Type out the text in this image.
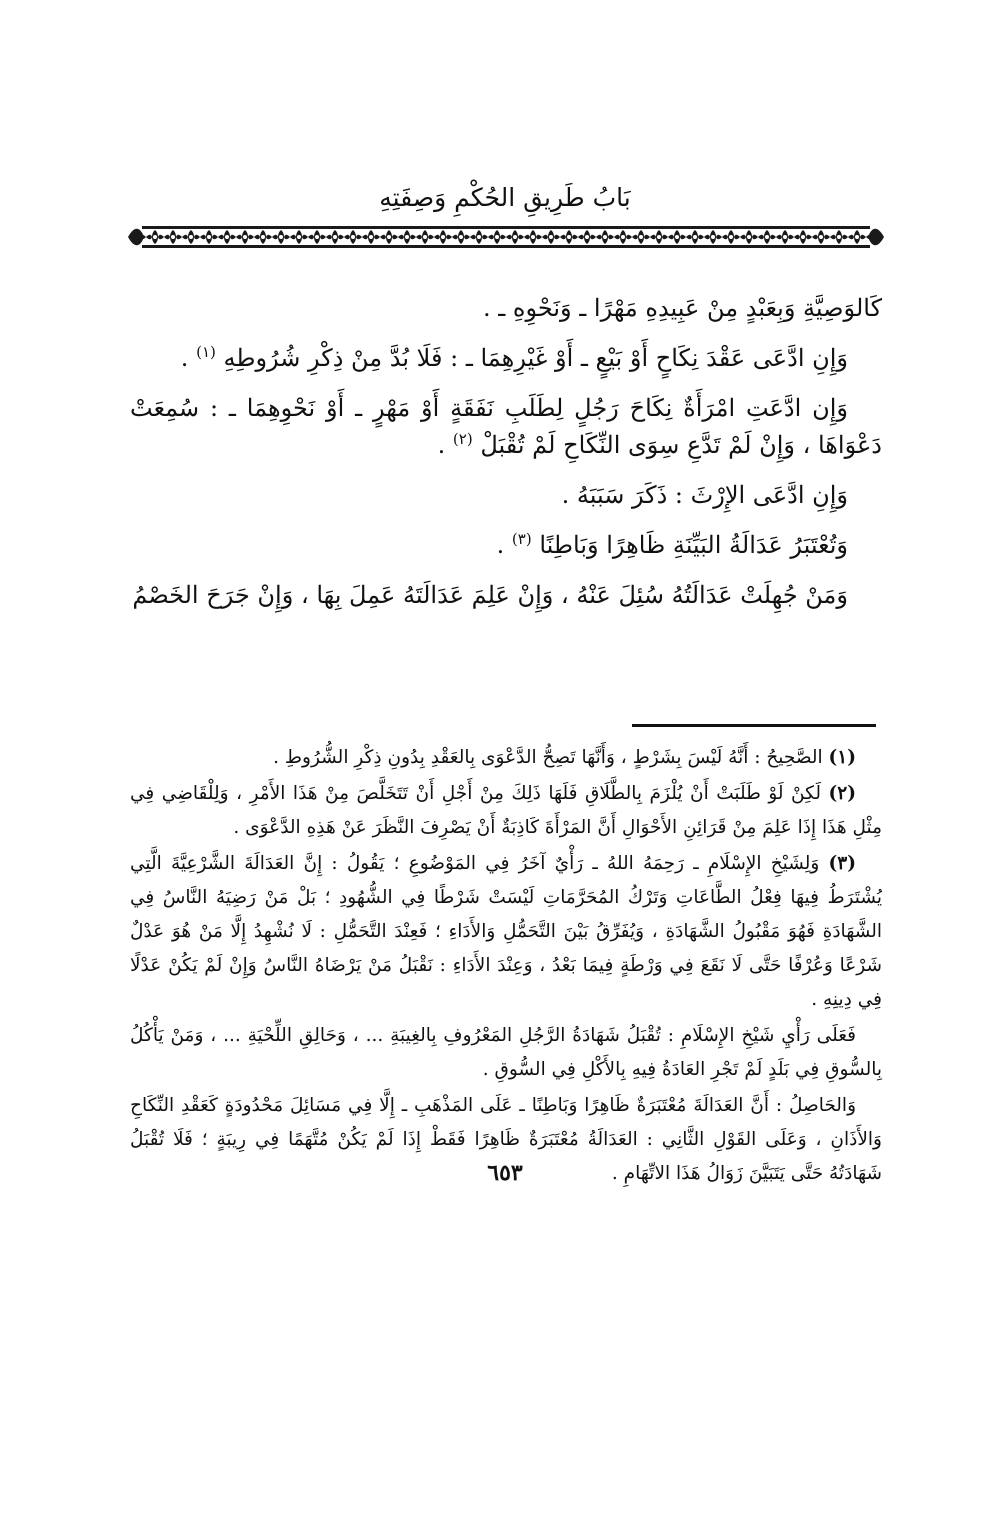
بَابُ طَرِيقِ الحُكْمِ وَصِفَتِهِ

كَالوَصِيَّةِ وَبِعَبْدٍ مِنْ عَبِيدِهِ مَهْرًا ـ وَنَحْوِهِ ـ .

وَإِنِ ادَّعَى عَقْدَ نِكَاحٍ أَوْ بَيْعٍ ـ أَوْ غَيْرِهِمَا ـ : فَلَا بُدَّ مِنْ ذِكْرِ شُرُوطِهِ $^{(١)}$ .

وَإِن ادَّعَتِ امْرَأَةٌ نِكَاحَ رَجُلٍ لِطَلَبِ نَفَقَةٍ أَوْ مَهْرٍ ـ أَوْ نَحْوِهِمَا ـ : سُمِعَتْ دَعْوَاهَا ، وَإِنْ لَمْ تَدَّعِ سِوَى النِّكَاحِ لَمْ تُقْبَلْ $^{(٢)}$ .

وَإِنِ ادَّعَى الإِرْثَ : ذَكَرَ سَبَبَهُ .

وَتُعْتَبَرُ عَدَالَةُ البَيِّنَةِ ظَاهِرًا وَبَاطِنًا $^{(٣)}$ .

وَمَنْ جُهِلَتْ عَدَالَتُهُ سُئِلَ عَنْهُ ، وَإِنْ عَلِمَ عَدَالَتَهُ عَمِلَ بِهَا ، وَإِنْ جَرَحَ الخَصْمُ

(١) الصَّحِيحُ : أَنَّهُ لَيْسَ بِشَرْطٍ ، وَأَنَّهَا تَصِحُّ الدَّعْوَى بِالعَقْدِ بِدُونِ ذِكْرِ الشُّرُوطِ .

(٢) لَكِنْ لَوْ طَلَبَتْ أَنْ يُلْزَمَ بِالطَّلَاقِ فَلَهَا ذَلِكَ مِنْ أَجْلِ أَنْ تَتَخَلَّصَ مِنْ هَذَا الأَمْرِ ، وَلِلْقَاضِي فِي مِثْلِ هَذَا إِذَا عَلِمَ مِنْ قَرَائِنِ الأَحْوَالِ أَنَّ المَرْأَةَ كَاذِبَةٌ أَنْ يَصْرِفَ النَّظَرَ عَنْ هَذِهِ الدَّعْوَى .

(٣) وَلِشَيْخِ الإِسْلَامِ ـ رَحِمَهُ اللهُ ـ رَأْيٌ آخَرُ فِي المَوْضُوعِ ؛ يَقُولُ : إِنَّ العَدَالَةَ الشَّرْعِيَّةَ الَّتِي يُشْتَرَطُ فِيهَا فِعْلُ الطَّاعَاتِ وَتَرْكُ المُحَرَّمَاتِ لَيْسَتْ شَرْطًا فِي الشُّهُودِ ؛ بَلْ مَنْ رَضِيَهُ النَّاسُ فِي الشَّهَادَةِ فَهُوَ مَقْبُولُ الشَّهَادَةِ ، وَيُفَرِّقُ بَيْنَ التَّحَمُّلِ وَالأَدَاءِ ؛ فَعِنْدَ التَّحَمُّلِ : لَا نُشْهِدُ إِلَّا مَنْ هُوَ عَدْلٌ شَرْعًا وَعُرْفًا حَتَّى لَا نَقَعَ فِي وَرْطَةٍ فِيمَا بَعْدُ ، وَعِنْدَ الأَدَاءِ : نَقْبَلُ مَنْ يَرْضَاهُ النَّاسُ وَإِنْ لَمْ يَكُنْ عَدْلًا فِي دِينِهِ .

فَعَلَى رَأْيِ شَيْخِ الإِسْلَامِ : تُقْبَلُ شَهَادَةُ الرَّجُلِ المَعْرُوفِ بِالغِيبَةِ ... ، وَحَالِقِ اللِّحْيَةِ ... ، وَمَنْ يَأْكُلُ بِالسُّوقِ فِي بَلَدٍ لَمْ تَجْرِ العَادَةُ فِيهِ بِالأَكْلِ فِي السُّوقِ .

وَالحَاصِلُ : أَنَّ العَدَالَةَ مُعْتَبَرَةٌ ظَاهِرًا وَبَاطِنًا ـ عَلَى المَذْهَبِ ـ إِلَّا فِي مَسَائِلَ مَحْدُودَةٍ كَعَقْدِ النِّكَاحِ وَالأَذَانِ ، وَعَلَى القَوْلِ الثَّانِي : العَدَالَةُ مُعْتَبَرَةٌ ظَاهِرًا فَقَطْ إِذَا لَمْ يَكُنْ مُتَّهَمًا فِي رِيبَةٍ ؛ فَلَا تُقْبَلُ شَهَادَتُهُ حَتَّى يَتَبَيَّنَ زَوَالُ هَذَا الاتِّهَامِ .

٦٥٣
